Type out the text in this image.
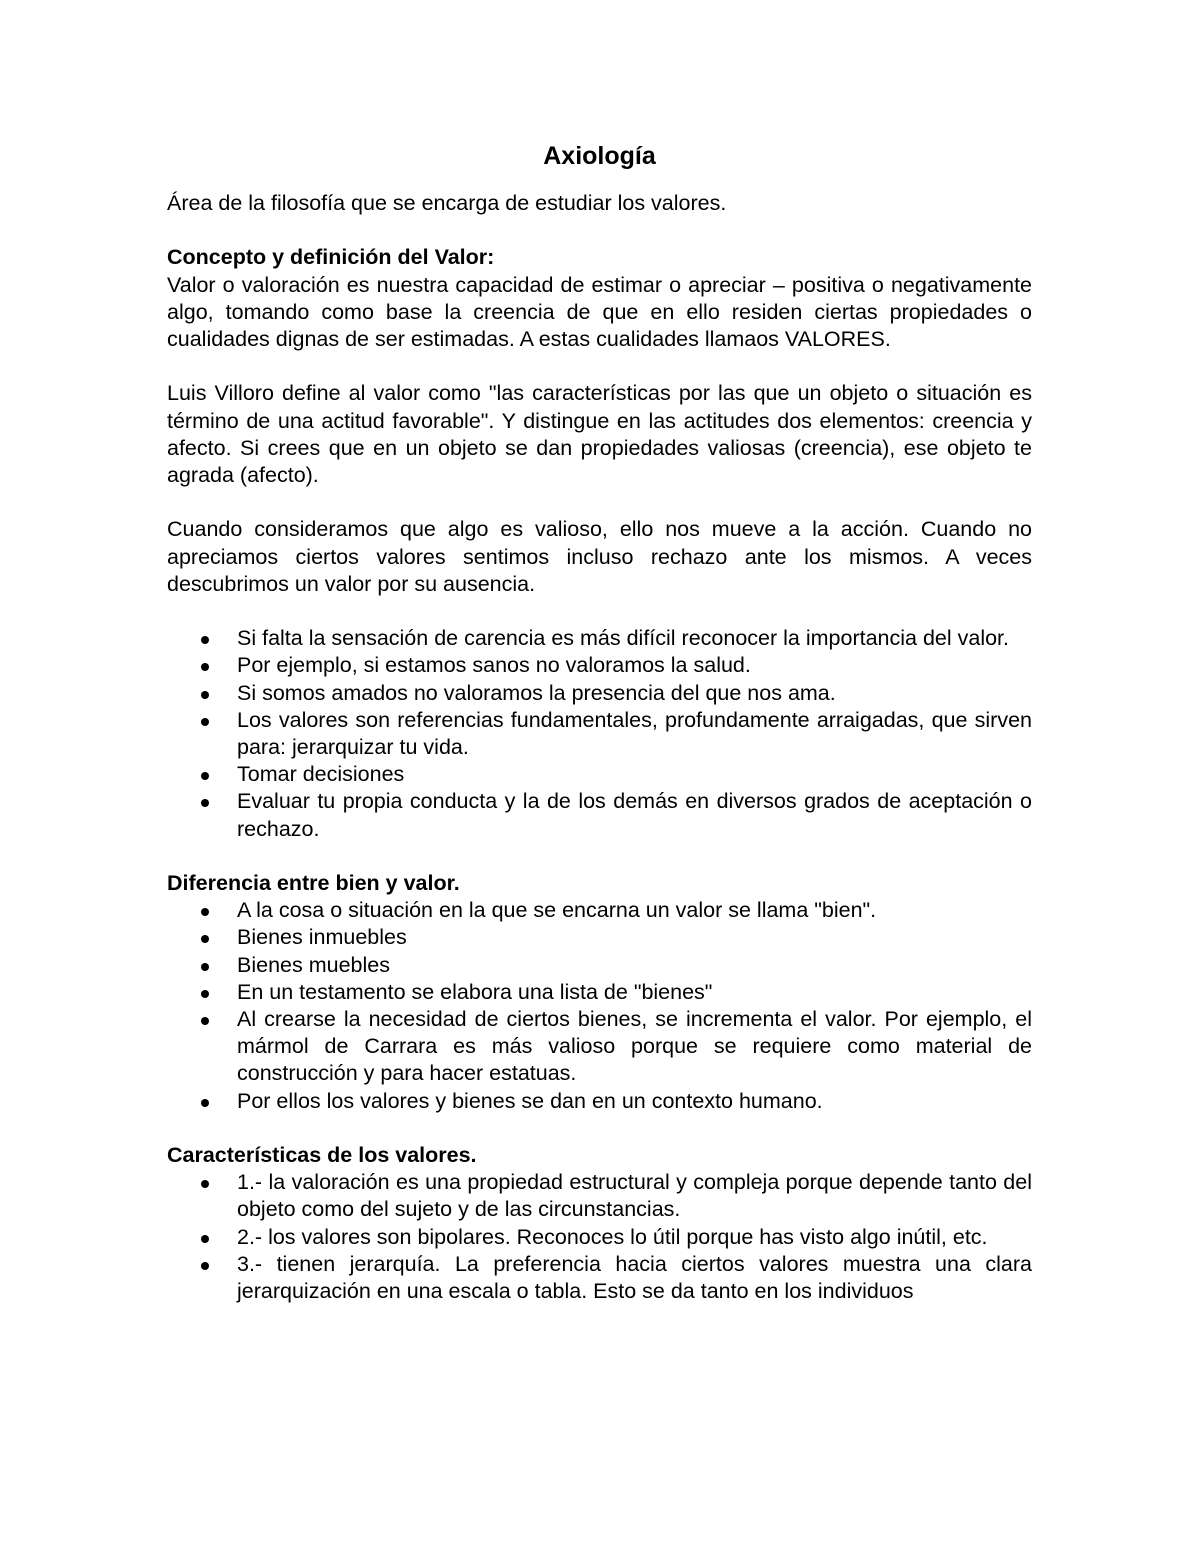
Axiología

Área de la filosofía que se encarga de estudiar los valores.

Concepto y definición del Valor:

Valor o valoración es nuestra capacidad de estimar o apreciar – positiva o negativamente algo, tomando como base la creencia de que en ello residen ciertas propiedades o cualidades dignas de ser estimadas. A estas cualidades llamaos VALORES.

Luis Villoro define al valor como "las características por las que un objeto o situación es término de una actitud favorable". Y distingue en las actitudes dos elementos: creencia y afecto. Si crees que en un objeto se dan propiedades valiosas (creencia), ese objeto te agrada (afecto).

Cuando consideramos que algo es valioso, ello nos mueve a la acción. Cuando no apreciamos ciertos valores sentimos incluso rechazo ante los mismos. A veces descubrimos un valor por su ausencia.

Si falta la sensación de carencia es más difícil reconocer la importancia del valor.
Por ejemplo, si estamos sanos no valoramos la salud.
Si somos amados no valoramos la presencia del que nos ama.
Los valores son referencias fundamentales, profundamente arraigadas, que sirven para: jerarquizar tu vida.
Tomar decisiones
Evaluar tu propia conducta y la de los demás en diversos grados de aceptación o rechazo.

Diferencia entre bien y valor.

A la cosa o situación en la que se encarna un valor se llama "bien".
Bienes inmuebles
Bienes muebles
En un testamento se elabora una lista de "bienes"
Al crearse la necesidad de ciertos bienes, se incrementa el valor. Por ejemplo, el mármol de Carrara es más valioso porque se requiere como material de construcción y para hacer estatuas.
Por ellos los valores y bienes se dan en un contexto humano.

Características de los valores.

1.- la valoración es una propiedad estructural y compleja porque depende tanto del objeto como del sujeto y de las circunstancias.
2.- los valores son bipolares. Reconoces lo útil porque has visto algo inútil, etc.
3.- tienen jerarquía. La preferencia hacia ciertos valores muestra una clara jerarquización en una escala o tabla. Esto se da tanto en los individuos
